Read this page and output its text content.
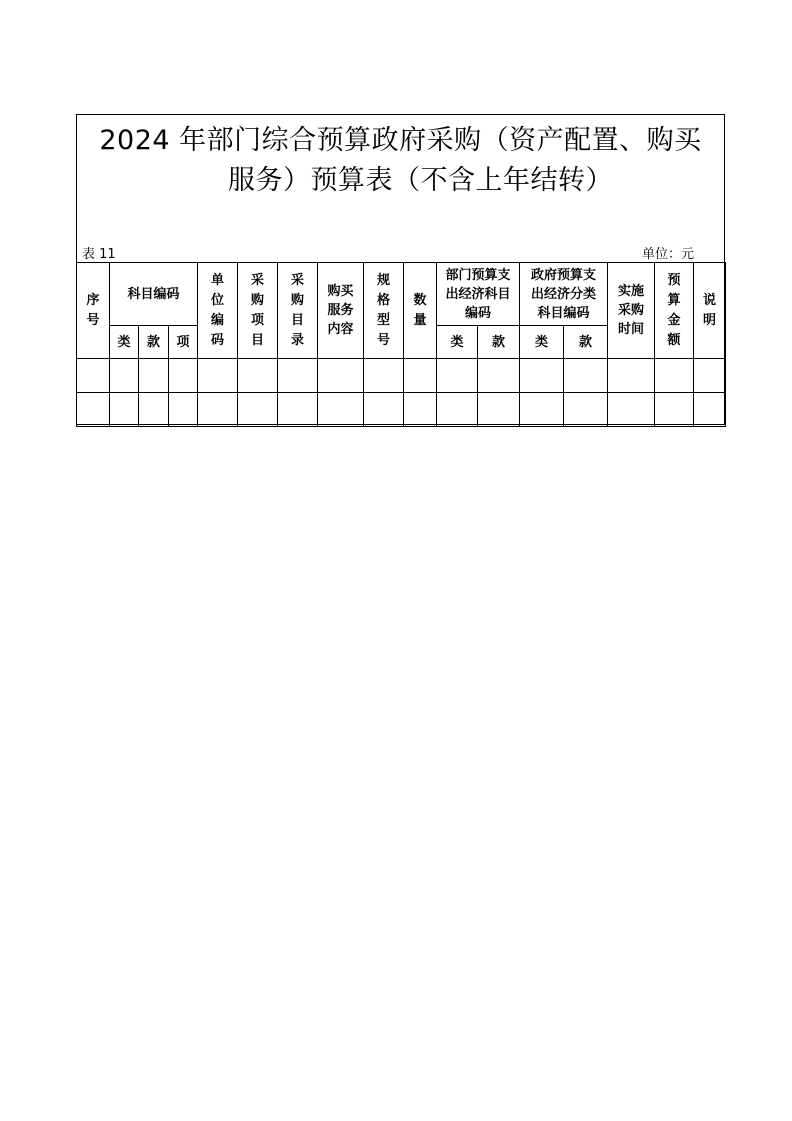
2024 年部门综合预算政府采购（资产配置、购买
服务）预算表（不含上年结转）
表 11	单位：元
序号	科目编码			单位编码	采购项目	采购目录	购买服务内容	规格型号	数量	部门预算支出经济科目编码		政府预算支出经济分类科目编码		实施采购时间	预算金额	说明
	类	款	项							类	款	类	款			
